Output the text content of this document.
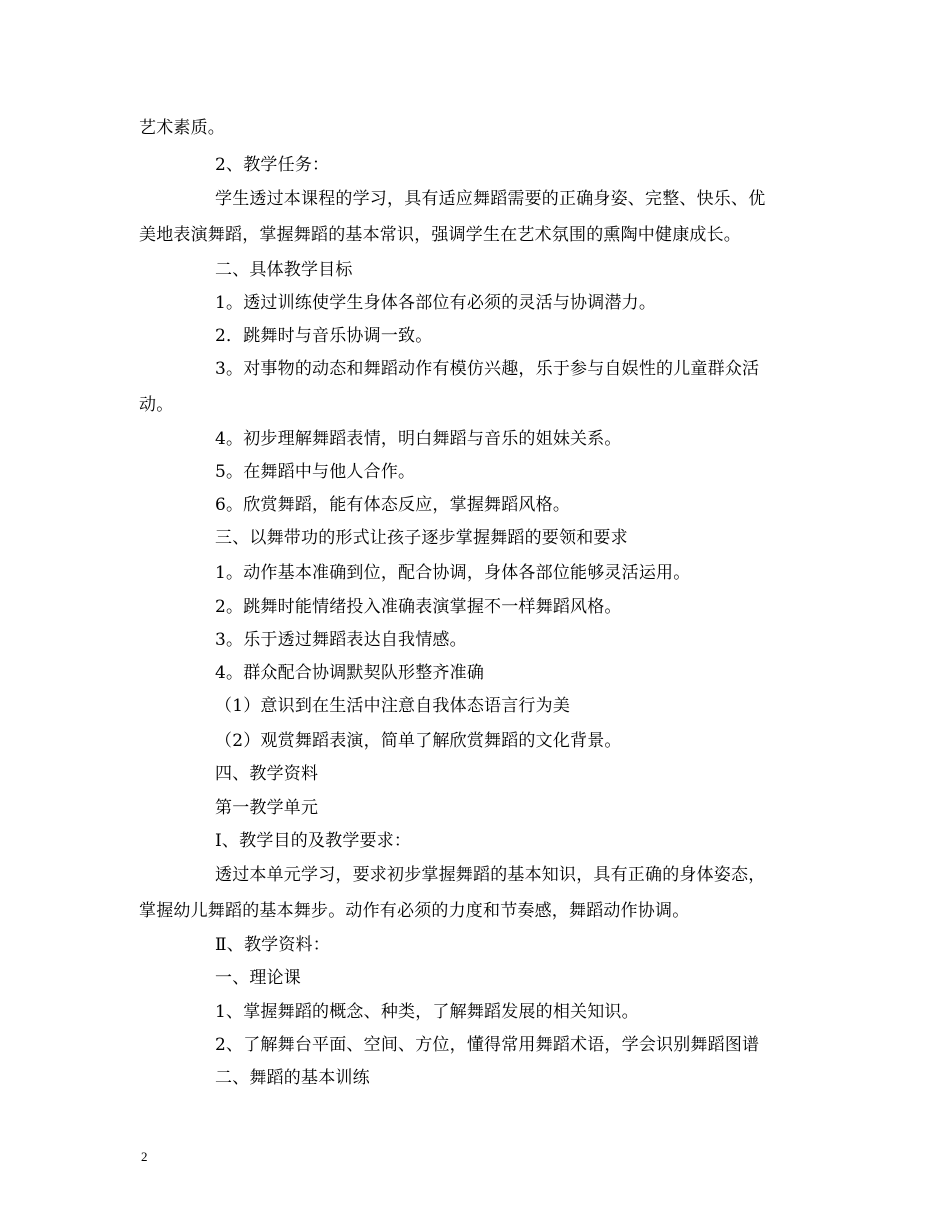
艺术素质。
2、教学任务：
学生透过本课程的学习，具有适应舞蹈需要的正确身姿、完整、快乐、优
美地表演舞蹈，掌握舞蹈的基本常识，强调学生在艺术氛围的熏陶中健康成长。
二、具体教学目标
1。透过训练使学生身体各部位有必须的灵活与协调潜力。
2．跳舞时与音乐协调一致。
3。对事物的动态和舞蹈动作有模仿兴趣，乐于参与自娱性的儿童群众活
动。
4。初步理解舞蹈表情，明白舞蹈与音乐的姐妹关系。
5。在舞蹈中与他人合作。
6。欣赏舞蹈，能有体态反应，掌握舞蹈风格。
三、以舞带功的形式让孩子逐步掌握舞蹈的要领和要求
1。动作基本准确到位，配合协调，身体各部位能够灵活运用。
2。跳舞时能情绪投入准确表演掌握不一样舞蹈风格。
3。乐于透过舞蹈表达自我情感。
4。群众配合协调默契队形整齐准确
（1）意识到在生活中注意自我体态语言行为美
（2）观赏舞蹈表演，简单了解欣赏舞蹈的文化背景。
四、教学资料
第一教学单元
Ⅰ、教学目的及教学要求：
透过本单元学习，要求初步掌握舞蹈的基本知识，具有正确的身体姿态，
掌握幼儿舞蹈的基本舞步。动作有必须的力度和节奏感，舞蹈动作协调。
Ⅱ、教学资料：
一、理论课
1、掌握舞蹈的概念、种类，了解舞蹈发展的相关知识。
2、了解舞台平面、空间、方位，懂得常用舞蹈术语，学会识别舞蹈图谱
二、舞蹈的基本训练
2
